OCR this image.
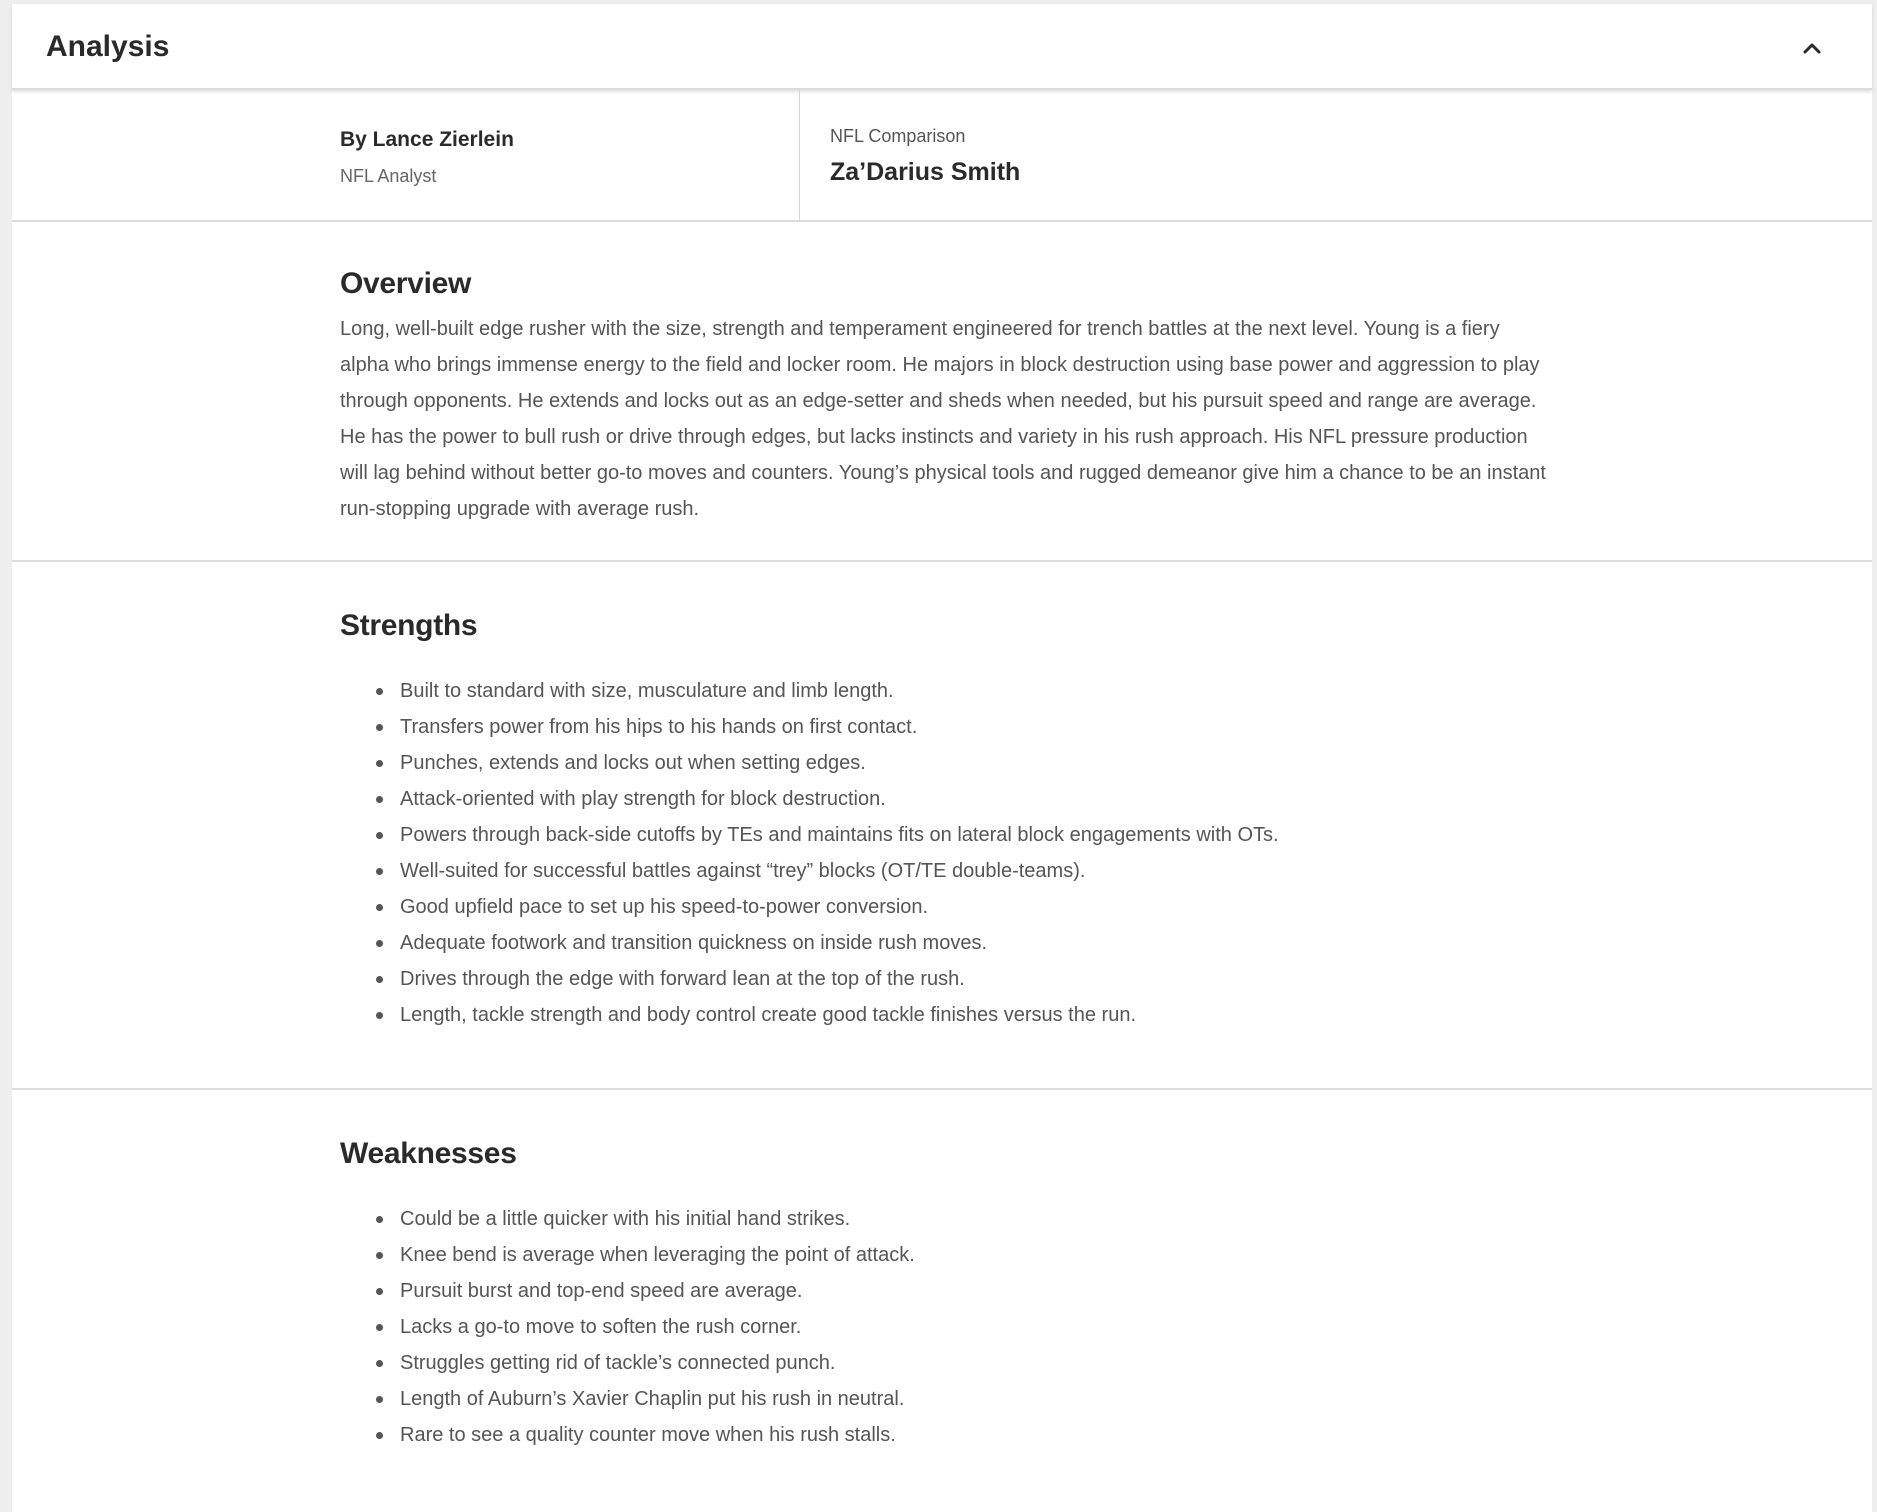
Analysis
By Lance Zierlein
NFL Analyst
NFL Comparison
Za’Darius Smith
Overview

Long, well-built edge rusher with the size, strength and temperament engineered for trench battles at the next level. Young is a fiery alpha who brings immense energy to the field and locker room. He majors in block destruction using base power and aggression to play through opponents. He extends and locks out as an edge-setter and sheds when needed, but his pursuit speed and range are average. He has the power to bull rush or drive through edges, but lacks instincts and variety in his rush approach. His NFL pressure production will lag behind without better go-to moves and counters. Young’s physical tools and rugged demeanor give him a chance to be an instant run-stopping upgrade with average rush.

Strengths
Built to standard with size, musculature and limb length.
Transfers power from his hips to his hands on first contact.
Punches, extends and locks out when setting edges.
Attack-oriented with play strength for block destruction.
Powers through back-side cutoffs by TEs and maintains fits on lateral block engagements with OTs.
Well-suited for successful battles against “trey” blocks (OT/TE double-teams).
Good upfield pace to set up his speed-to-power conversion.
Adequate footwork and transition quickness on inside rush moves.
Drives through the edge with forward lean at the top of the rush.
Length, tackle strength and body control create good tackle finishes versus the run.
Weaknesses
Could be a little quicker with his initial hand strikes.
Knee bend is average when leveraging the point of attack.
Pursuit burst and top-end speed are average.
Lacks a go-to move to soften the rush corner.
Struggles getting rid of tackle’s connected punch.
Length of Auburn’s Xavier Chaplin put his rush in neutral.
Rare to see a quality counter move when his rush stalls.
